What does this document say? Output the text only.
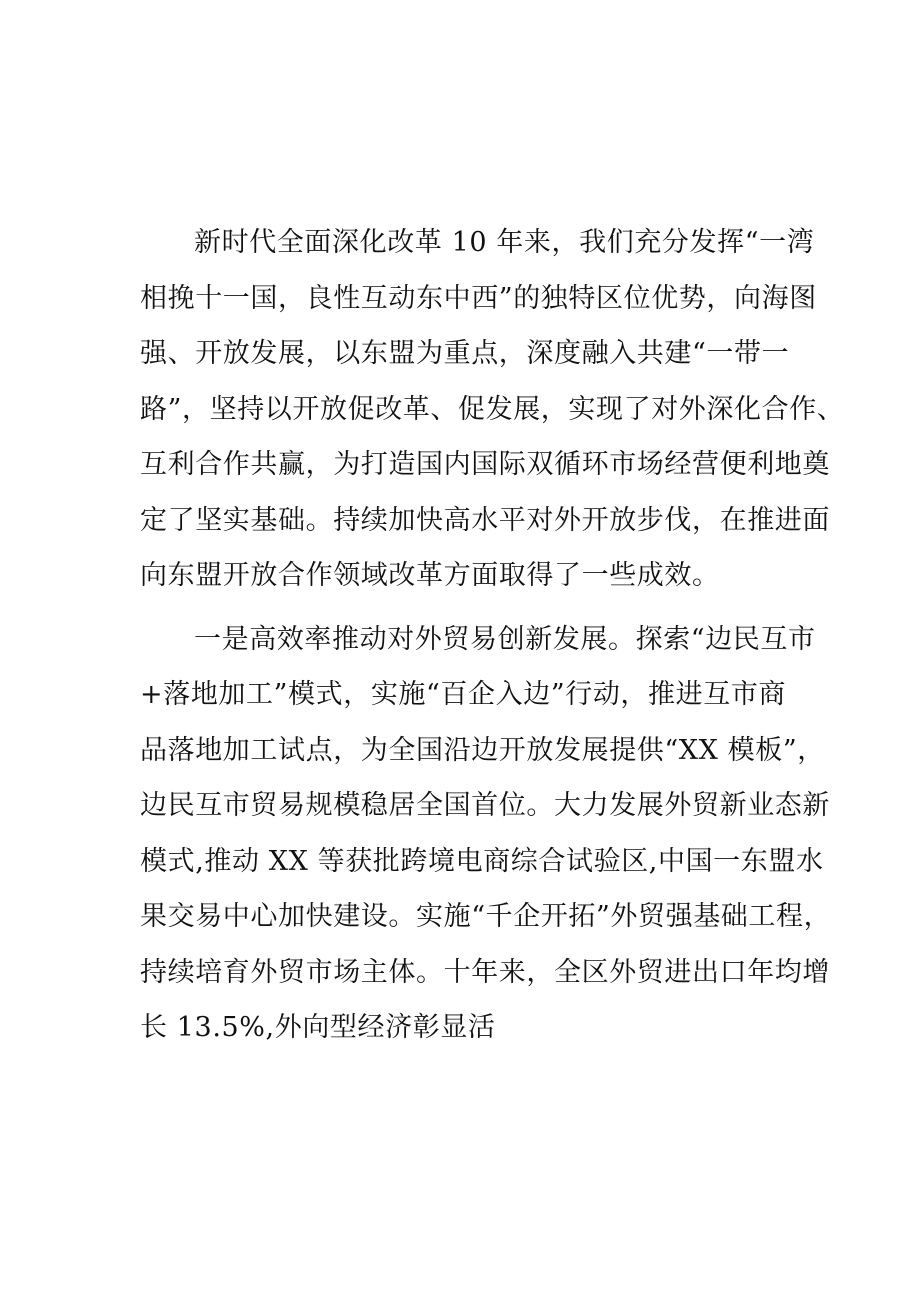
新时代全面深化改革 10 年来，我们充分发挥“一湾
相挽十一国，良性互动东中西”的独特区位优势，向海图
强、开放发展，以东盟为重点，深度融入共建“一带一
路”，坚持以开放促改革、促发展，实现了对外深化合作、
互利合作共赢，为打造国内国际双循环市场经营便利地奠
定了坚实基础。持续加快高水平对外开放步伐，在推进面
向东盟开放合作领域改革方面取得了一些成效。
一是高效率推动对外贸易创新发展。探索“边民互市
+落地加工”模式，实施“百企入边”行动，推进互市商
品落地加工试点，为全国沿边开放发展提供“XX 模板”，
边民互市贸易规模稳居全国首位。大力发展外贸新业态新
模式,推动 XX 等获批跨境电商综合试验区,中国一东盟水
果交易中心加快建设。实施“千企开拓”外贸强基础工程，
持续培育外贸市场主体。十年来，全区外贸进出口年均增
长 13.5%,外向型经济彰显活
